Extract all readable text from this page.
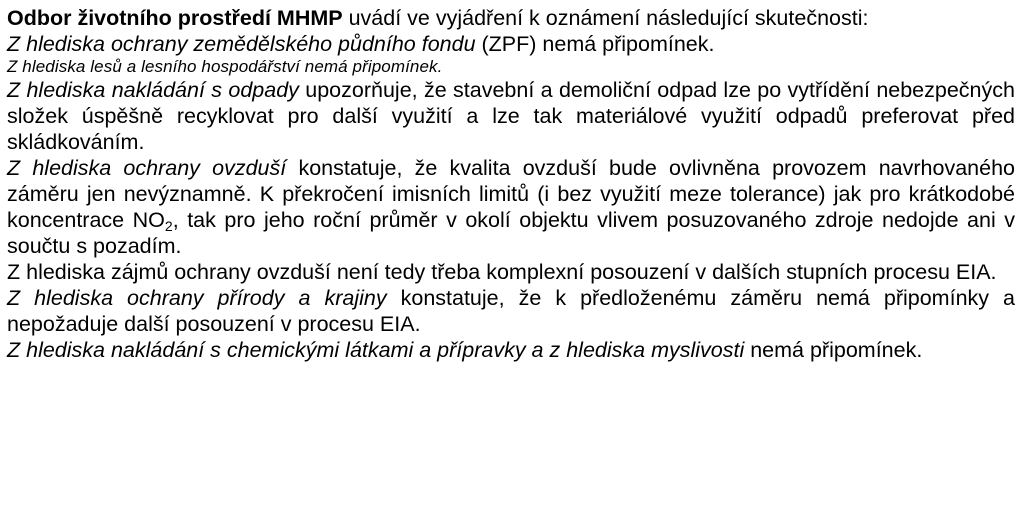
Odbor životního prostředí MHMP uvádí ve vyjádření k oznámení následující skutečnosti:

Z hlediska ochrany zemědělského půdního fondu (ZPF) nemá připomínek.

Z hlediska lesů a lesního hospodářství nemá připomínek.

Z hlediska nakládání s odpady upozorňuje, že stavební a demoliční odpad lze po vytřídění nebezpečných složek úspěšně recyklovat pro další využití a lze tak materiálové využití odpadů preferovat před skládkováním.

Z hlediska ochrany ovzduší konstatuje, že kvalita ovzduší bude ovlivněna provozem navrhovaného záměru jen nevýznamně. K překročení imisních limitů (i bez využití meze tolerance) jak pro krátkodobé koncentrace $NO_2$, tak pro jeho roční průměr v okolí objektu vlivem posuzovaného zdroje nedojde ani v součtu s pozadím.

Z hlediska zájmů ochrany ovzduší není tedy třeba komplexní posouzení v dalších stupních procesu EIA.

Z hlediska ochrany přírody a krajiny konstatuje, že k předloženému záměru nemá připomínky a nepožaduje další posouzení v procesu EIA.

Z hlediska nakládání s chemickými látkami a přípravky a z hlediska myslivosti nemá připomínek.
